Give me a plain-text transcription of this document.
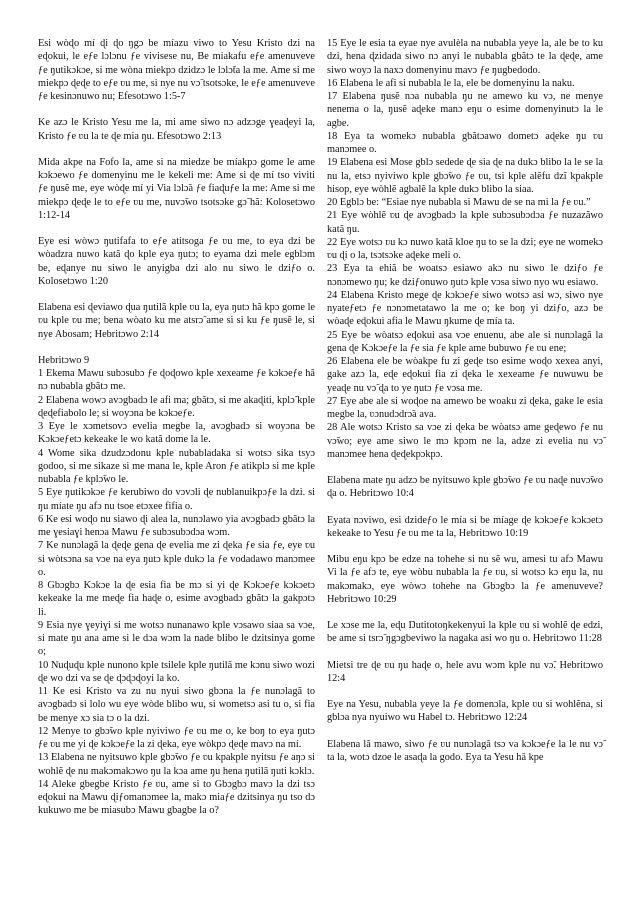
Esi wòɖo mí ɖi ɖo ŋgɔ be míazu viwo to Yesu Kristo dzi na eɖokui, le eƒe lɔlɔnu ƒe vivisese nu, Be miakafu eƒe amenuveve ƒe ŋutikɔkɔe, si me wòna miekpɔ dzidzɔ le lɔlɔ̃ta la me. Ame si me miekpɔ ɖeɖe to eƒe ʋu me, si nye nu vɔ̃ tsotsɔke, le eƒe amenuveve ƒe kesinɔnuwo nu; Efesotɔwo 1:5-7

Ke azɔ le Kristo Yesu me la, mi ame siwo nɔ adzɔge ɣeaɖeyi la, Kristo ƒe ʋu la te ɖe mia ŋu. Efesotɔwo 2:13

Mida akpe na Fofo la, ame si na miedze be míakpɔ gome le ame kɔkɔewo ƒe domenyinu me le kekeli me: Ame si ɖe mí tso viviti ƒe ŋusẽ me, eye wòɖe mí yi Via lɔlɔ̃a ƒe fiaɖuƒe la me: Ame si me miekpɔ ɖeɖe le to eƒe ʋu me, nuvɔ̃wo tsotsɔke gɔ̃ hã: Kolosetɔwo 1:12-14

Eye esi wòwɔ ŋutifafa to eƒe atitsoga ƒe ʋu me, to eya dzi be wòadzra nuwo katã ɖo kple eya ŋutɔ; to eyama dzi mele egblɔm be, eɖanye nu siwo le anyigba dzi alo nu siwo le dziƒo o. Kolosetɔwo 1:20

Elabena esi ɖeviawo ɖua ŋutilã kple ʋu la, eya ŋutɔ hã kpɔ gome le ʋu kple ʋu me; bena wòato ku me atsrɔ̃ ame si si ku ƒe ŋusẽ le, si nye Abosam; Hebritɔwo 2:14

Hebritɔwo 9

1 Ekema Mawu subɔsubɔ ƒe ɖoɖowo kple xexeame ƒe kɔkɔeƒe hã nɔ nubabla gbãtɔ me.

2 Elabena wowɔ avɔgbadɔ le afi ma; gbãtɔ, si me akaɖiti, kplɔ̃ kple ɖeɖefiabolo le; si woyɔna be kɔkɔeƒe.

3 Eye le xɔmetsovɔ evelia megbe la, avɔgbadɔ si woyɔna be Kɔkɔeƒetɔ kekeake le wo katã dome la le.

4 Wome sika dzudzɔdonu kple nubabladaka si wotsɔ sika tsyɔ godoo, si me sikaze si me mana le, kple Aron ƒe atikplɔ si me kple nubabla ƒe kplɔ̃wo le.

5 Eye ŋutikɔkɔe ƒe kerubiwo do vɔvɔli ɖe nublanuikpɔƒe la dzi. si ŋu míate ŋu afɔ nu tsoe etɔxee fifia o.

6 Ke esi woɖo nu siawo ɖi alea la, nunɔlawo yia avɔgbadɔ gbãtɔ la me ɣesiaɣi henɔa Mawu ƒe subɔsubɔdɔa wɔm.

7 Ke nunɔlagã la ɖeɖe gena ɖe evelia me zi ɖeka ƒe sia ƒe, eye ʋu si wòtsɔna sa vɔe na eya ŋutɔ kple dukɔ la ƒe vodadawo manɔmee o.

8 Gbɔgbɔ Kɔkɔe la ɖe esia fia be mɔ si yi ɖe Kɔkɔeƒe kɔkɔetɔ kekeake la me meɖe fia haɖe o, esime avɔgbadɔ gbãtɔ la gakpɔtɔ li.

9 Esia nye ɣeyiɣi si me wotsɔ nunanawo kple vɔsawo siaa sa vɔe, si mate ŋu ana ame si le dɔa wɔm la nade blibo le dzitsinya gome o;

10 Nuɖuɖu kple nunono kple tsilele kple ŋutilã me kɔnu siwo wozi ɖe wo dzi va se ɖe ɖɔɖɔɖoyi la ko.

11 Ke esi Kristo va zu nu nyui siwo gbɔna la ƒe nunɔlagã to avɔgbadɔ si lolo wu eye wòde blibo wu, si wometsɔ asi tu o, si fia be menye xɔ sia tɔ o la dzi.

12 Menye to gbɔ̃wo kple nyiviwo ƒe ʋu me o, ke boŋ to eya ŋutɔ ƒe ʋu me yi ɖe kɔkɔeƒe la zi ɖeka, eye wòkpɔ ɖeɖe mavɔ na mí.

13 Elabena ne nyitsuwo kple gbɔ̃wo ƒe ʋu kpakple nyitsu ƒe aŋɔ si wohlẽ ɖe nu makɔmakɔwo ŋu la kɔa ame ŋu hena ŋutilã ŋuti kɔklɔ.

14 Aleke gbegbe Kristo ƒe ʋu, ame si to Gbɔgbɔ mavɔ la dzi tsɔ eɖokui na Mawu ɖiƒomanɔmee la, makɔ miaƒe dzitsinya ŋu tso dɔ kukuwo me be miasubɔ Mawu gbagbe la o?

15 Eye le esia ta eyae nye avulèla na nubabla yeye la, ale be to ku dzi, hena ɖzidada siwo nɔ anyi le nubabla gbãtɔ te la ɖeɖe, ame siwo woyɔ la naxɔ domenyinu mavɔ ƒe ŋugbedodo.

16 Elabena le afi si nubabla le la, ele be domenyinu la naku.

17 Elabena ŋusẽ nɔa nubabla ŋu ne amewo ku vɔ, ne menye nenema o la, ŋusẽ aɖeke manɔ eŋu o esime domenyinutɔ la le agbe.

18 Eya ta womekɔ nubabla gbãtɔawo dometɔ aɖeke ŋu ʋu manɔmee o.

19 Elabena esi Mose gblɔ sedede ɖe sia ɖe na dukɔ blibo la le se la nu la, etsɔ nyiviwo kple gbɔ̃wo ƒe ʋu, tsi kple alẽfu dzĩ kpakple hisop, eye wòhlẽ agbalẽ la kple dukɔ blibo la siaa.

20 Egblɔ be: “Esiae nye nubabla si Mawu de se na mi la ƒe ʋu.”

21 Eye wòhlẽ ʋu ɖe avɔgbadɔ la kple subɔsubɔdɔa ƒe nuzazãwo katã ŋu.

22 Eye wotsɔ ʋu kɔ nuwo katã kloe ŋu to se la dzi; eye ne womekɔ ʋu ɖi o la, tsɔtsɔke aɖeke meli o.

23 Eya ta ehiã be woatsɔ esiawo akɔ nu siwo le dziƒo ƒe nɔnɔmewo ŋu; ke dziƒonuwo ŋutɔ kple vɔsa siwo nyo wu esiawo.

24 Elabena Kristo mege ɖe kɔkɔeƒe siwo wotsɔ asi wɔ, siwo nye nyateƒetɔ ƒe nɔnɔmetatawo la me o; ke boŋ yi dziƒo, azɔ be wòaɖe eɖokui afia le Mawu ŋkume ɖe mía ta.

25 Eye be wòatsɔ eɖokui asa vɔe enuenu, abe ale si nunɔlagã la gena ɖe Kɔkɔeƒe la ƒe sia ƒe kple ame bubuwo ƒe ʋu ene;

26 Elabena ele be wòakpe fu zi geɖe tso esime woɖo xexea anyi, gake azɔ la, eɖe eɖokui fia zi ɖeka le xexeame ƒe nuwuwu be yeaɖe nu vɔ̃ ɖa to ye ŋutɔ ƒe vɔsa me.

27 Eye abe ale si woɖoe na amewo be woaku zi ɖeka, gake le esia megbe la, ʋɔnudɔdrɔ̃a ava.

28 Ale wotsɔ Kristo sa vɔe zi ɖeka be wòatsɔ ame geɖewo ƒe nu vɔ̃wo; eye ame siwo le mɔ kpɔm ne la, adze zi evelia nu vɔ̃ manɔmee hena ɖeɖekpɔkpɔ.

Elabena mate ŋu adzɔ be nyitsuwo kple gbɔ̃wo ƒe ʋu naɖe nuvɔ̃wo ɖa o. Hebritɔwo 10:4

Eyata nɔviwo, esi dzideƒo le mía si be míage ɖe kɔkɔeƒe kɔkɔetɔ kekeake to Yesu ƒe ʋu me ta la, Hebritɔwo 10:19

Mibu eŋu kpɔ be edze na tohehe si nu sẽ wu, amesi tu afɔ Mawu Vi la ƒe afɔ te, eye wòbu nubabla la ƒe ʋu, si wotsɔ kɔ eŋu la, nu makɔmakɔ, eye wòwɔ tohehe na Gbɔgbɔ la ƒe amenuveve? Hebritɔwo 10:29

Le xɔse me la, eɖu Ŋutitotoŋkekenyui la kple ʋu si wohlẽ ɖe edzi, be ame si tsrɔ̃ ŋgɔgbeviwo la nagaka asi wo ŋu o. Hebritɔwo 11:28

Mietsi tre ɖe ʋu ŋu haɖe o, hele avu wɔm kple nu vɔ̃. Hebritɔwo 12:4

Eye na Yesu, nubabla yeye la ƒe domenɔla, kple ʋu si wohlẽna, si gblɔa nya nyuiwo wu Habel tɔ. Hebritɔwo 12:24

Elabena lã mawo, siwo ƒe ʋu nunɔlagã tsɔ va kɔkɔeƒe la le nu vɔ̃ ta la, wotɔ dzoe le asaɖa la godo. Eya ta Yesu hã kpe
